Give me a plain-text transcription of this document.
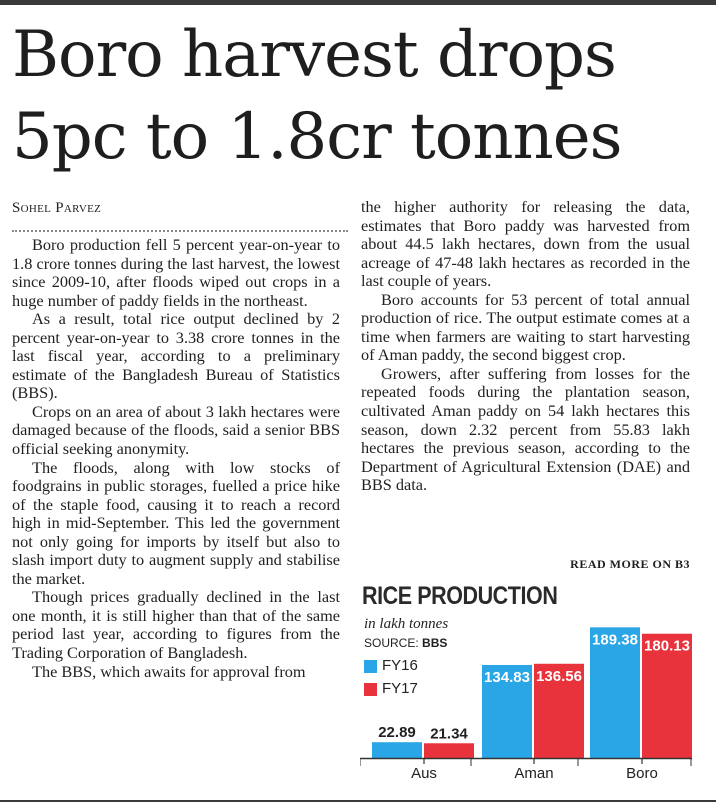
Boro harvest drops
5pc to 1.8cr tonnes

Sohel Parvez

Boro production fell 5 percent year-on-year to 1.8 crore tonnes during the last harvest, the lowest since 2009-10, after floods wiped out crops in a huge number of paddy fields in the northeast.

As a result, total rice output declined by 2 percent year-on-year to 3.38 crore tonnes in the last fiscal year, according to a preliminary estimate of the Bangladesh Bureau of Statistics (BBS).

Crops on an area of about 3 lakh hectares were damaged because of the floods, said a senior BBS official seeking anonymity.

The floods, along with low stocks of foodgrains in public storages, fuelled a price hike of the staple food, causing it to reach a record high in mid-September. This led the government not only going for imports by itself but also to slash import duty to augment supply and stabilise the market.

Though prices gradually declined in the last one month, it is still higher than that of the same period last year, according to figures from the Trading Corporation of Bangladesh.

The BBS, which awaits for approval from

the higher authority for releasing the data, estimates that Boro paddy was harvested from about 44.5 lakh hectares, down from the usual acreage of 47-48 lakh hectares as recorded in the last couple of years.

Boro accounts for 53 percent of total annual production of rice. The output estimate comes at a time when farmers are waiting to start harvesting of Aman paddy, the second biggest crop.

Growers, after suffering from losses for the repeated foods during the plantation season, cultivated Aman paddy on 54 lakh hectares this season, down 2.32 percent from 55.83 lakh hectares the previous season, according to the Department of Agricultural Extension (DAE) and BBS data.

READ MORE ON B3
22.89 21.34
134.83 136.56
189.38 180.13
Aus	Aman	Boro
RICE PRODUCTION
in lakh tonnes
SOURCE: BBS
FY16
FY17
